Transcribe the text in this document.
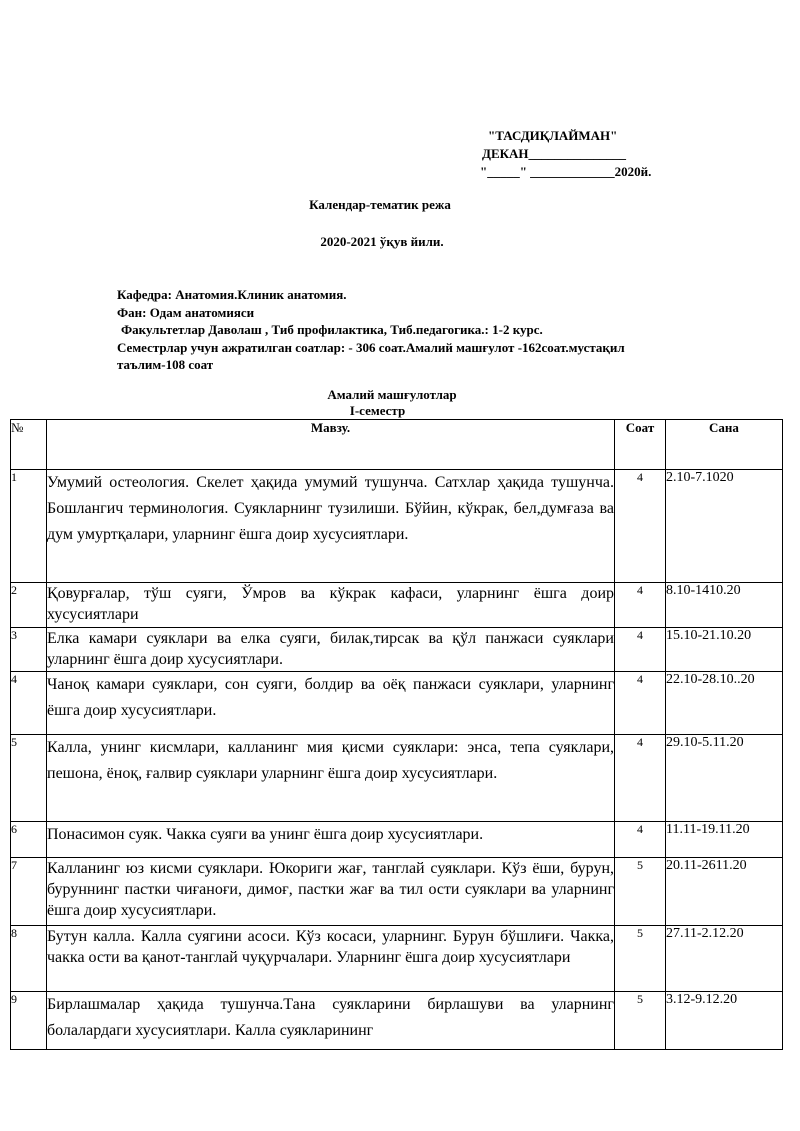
"ТАСДИҚЛАЙМАН"
ДЕКАН_______________
"_____" _____________2020й.
Календар-тематик режа
2020-2021 ўқув йили.
Кафедра: Анатомия.Клиник анатомия.
Фан: Одам анатомияси
Факультетлар Даволаш , Тиб профилактика, Тиб.педагогика.: 1-2 курс.
Семестрлар учун ажратилган соатлар: - 306 соат.Амалий машғулот -162соат.мустақил
таълим-108 соат
Амалий машғулотлар
I-семестр
№	Мавзу.	Соат	Сана
1	Умумий остеология. Скелет ҳақида умумий тушунча. Сатхлар ҳақида тушунча. Бошлангич терминология. Суякларнинг тузилиши. Бўйин, кўкрак, бел,думғаза ва дум умуртқалари, уларнинг ёшга доир хусусиятлари.	4	2.10-7.1020
2	Қовурғалар, тўш суяги, Ўмров ва кўкрак кафаси, уларнинг ёшга доир хусусиятлари	4	8.10-1410.20
3	Елка камари суяклари ва елка суяги, билак,тирсак ва қўл панжаси суяклари уларнинг ёшга доир хусусиятлари.	4	15.10-21.10.20
4	Чаноқ камари суяклари, сон суяги, болдир ва оёқ панжаси суяклари, уларнинг ёшга доир хусусиятлари.	4	22.10-28.10..20
5	Калла, унинг кисмлари, калланинг мия қисми суяклари: энса, тепа суяклари, пешона, ёноқ, ғалвир суяклари уларнинг ёшга доир хусусиятлари.	4	29.10-5.11.20
6	Понасимон суяк. Чакка суяги ва унинг ёшга доир хусусиятлари.	4	11.11-19.11.20
7	Калланинг юз кисми суяклари. Юкориги жағ, танглай суяклари. Кўз ёши, бурун, буруннинг пастки чиғаноғи, димоғ, пастки жағ ва тил ости суяклари ва уларнинг ёшга доир хусусиятлари.	5	20.11-2611.20
8	Бутун калла. Калла суягини асоси. Кўз косаси, уларнинг. Бурун бўшлиғи. Чакка, чакка ости ва қанот-танглай чуқурчалари. Уларнинг ёшга доир хусусиятлари	5	27.11-2.12.20
9	Бирлашмалар ҳақида тушунча.Тана суякларини бирлашуви ва уларнинг болалардаги хусусиятлари. Калла суякларининг	5	3.12-9.12.20
